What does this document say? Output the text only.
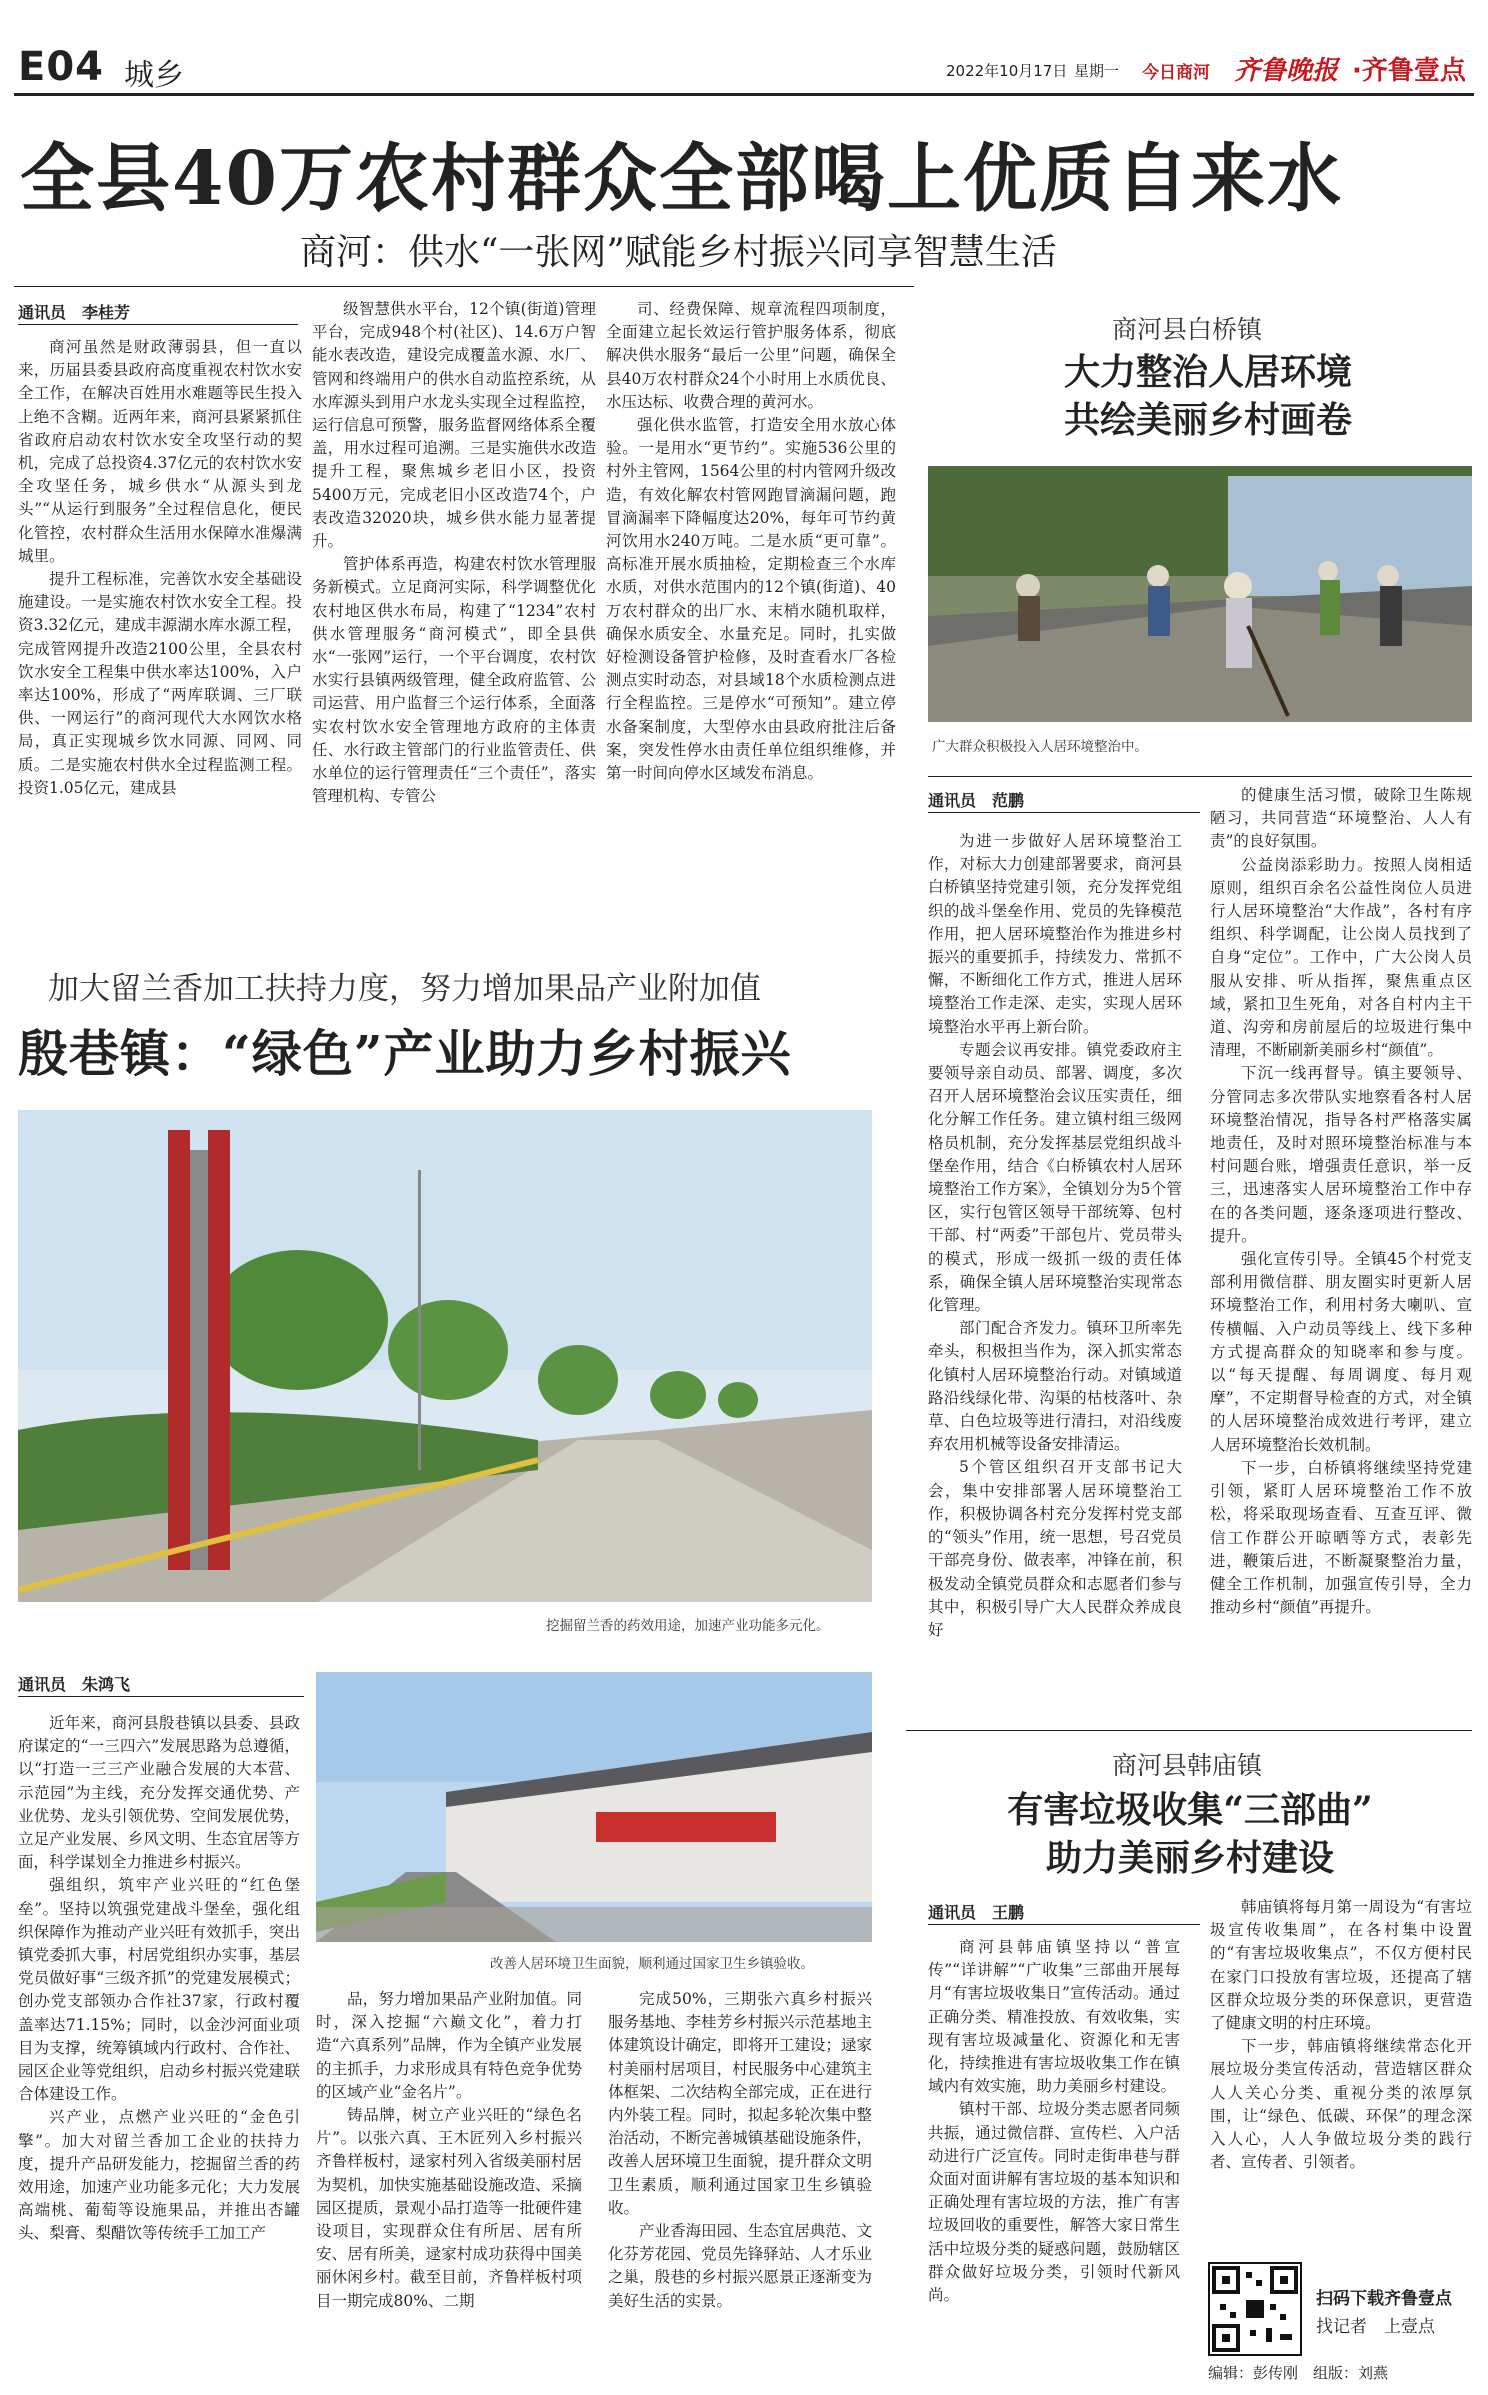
E04 城乡	2022年10月17日 星期一 今日商河 齐鲁晚报 ·齐鲁壹点
全县40万农村群众全部喝上优质自来水
商河：供水“一张网”赋能乡村振兴同享智慧生活
通讯员　李桂芳

商河虽然是财政薄弱县，但一直以来，历届县委县政府高度重视农村饮水安全工作，在解决百姓用水难题等民生投入上绝不含糊。近两年来，商河县紧紧抓住省政府启动农村饮水安全攻坚行动的契机，完成了总投资4.37亿元的农村饮水安全攻坚任务，城乡供水“从源头到龙头”“从运行到服务”全过程信息化，便民化管控，农村群众生活用水保障水准爆满城里。

提升工程标准，完善饮水安全基础设施建设。一是实施农村饮水安全工程。投资3.32亿元，建成丰源湖水库水源工程，完成管网提升改造2100公里，全县农村饮水安全工程集中供水率达100%，入户率达100%，形成了“两库联调、三厂联供、一网运行”的商河现代大水网饮水格局，真正实现城乡饮水同源、同网、同质。二是实施农村供水全过程监测工程。投资1.05亿元，建成县

级智慧供水平台，12个镇(街道)管理平台，完成948个村(社区)、14.6万户智能水表改造，建设完成覆盖水源、水厂、管网和终端用户的供水自动监控系统，从水库源头到用户水龙头实现全过程监控，运行信息可预警，服务监督网络体系全覆盖，用水过程可追溯。三是实施供水改造提升工程，聚焦城乡老旧小区，投资5400万元，完成老旧小区改造74个，户表改造32020块，城乡供水能力显著提升。

管护体系再造，构建农村饮水管理服务新模式。立足商河实际，科学调整优化农村地区供水布局，构建了“1234”农村供水管理服务“商河模式”，即全县供水“一张网”运行，一个平台调度，农村饮水实行县镇两级管理，健全政府监管、公司运营、用户监督三个运行体系，全面落实农村饮水安全管理地方政府的主体责任、水行政主管部门的行业监管责任、供水单位的运行管理责任“三个责任”，落实管理机构、专管公

司、经费保障、规章流程四项制度，全面建立起长效运行管护服务体系，彻底解决供水服务“最后一公里”问题，确保全县40万农村群众24个小时用上水质优良、水压达标、收费合理的黄河水。

强化供水监管，打造安全用水放心体验。一是用水“更节约”。实施536公里的村外主管网，1564公里的村内管网升级改造，有效化解农村管网跑冒滴漏问题，跑冒滴漏率下降幅度达20%，每年可节约黄河饮用水240万吨。二是水质“更可靠”。高标准开展水质抽检，定期检查三个水库水质，对供水范围内的12个镇(街道)、40万农村群众的出厂水、末梢水随机取样，确保水质安全、水量充足。同时，扎实做好检测设备管护检修，及时查看水厂各检测点实时动态，对县域18个水质检测点进行全程监控。三是停水“可预知”。建立停水备案制度，大型停水由县政府批注后备案，突发性停水由责任单位组织维修，并第一时间向停水区域发布消息。

商河县白桥镇
大力整治人居环境
共绘美丽乡村画卷
广大群众积极投入人居环境整治中。
通讯员　范鹏

为进一步做好人居环境整治工作，对标大力创建部署要求，商河县白桥镇坚持党建引领，充分发挥党组织的战斗堡垒作用、党员的先锋模范作用，把人居环境整治作为推进乡村振兴的重要抓手，持续发力、常抓不懈，不断细化工作方式，推进人居环境整治工作走深、走实，实现人居环境整治水平再上新台阶。

专题会议再安排。镇党委政府主要领导亲自动员、部署、调度，多次召开人居环境整治会议压实责任，细化分解工作任务。建立镇村组三级网格员机制，充分发挥基层党组织战斗堡垒作用，结合《白桥镇农村人居环境整治工作方案》，全镇划分为5个管区，实行包管区领导干部统筹、包村干部、村“两委”干部包片、党员带头的模式，形成一级抓一级的责任体系，确保全镇人居环境整治实现常态化管理。

部门配合齐发力。镇环卫所率先牵头，积极担当作为，深入抓实常态化镇村人居环境整治行动。对镇域道路沿线绿化带、沟渠的枯枝落叶、杂草、白色垃圾等进行清扫，对沿线废弃农用机械等设备安排清运。

5个管区组织召开支部书记大会，集中安排部署人居环境整治工作，积极协调各村充分发挥村党支部的“领头”作用，统一思想，号召党员干部亮身份、做表率，冲锋在前，积极发动全镇党员群众和志愿者们参与其中，积极引导广大人民群众养成良好

的健康生活习惯，破除卫生陈规陋习，共同营造“环境整治、人人有责”的良好氛围。

公益岗添彩助力。按照人岗相适原则，组织百余名公益性岗位人员进行人居环境整治“大作战”，各村有序组织、科学调配，让公岗人员找到了自身“定位”。工作中，广大公岗人员服从安排、听从指挥，聚焦重点区域，紧扣卫生死角，对各自村内主干道、沟旁和房前屋后的垃圾进行集中清理，不断刷新美丽乡村“颜值”。

下沉一线再督导。镇主要领导、分管同志多次带队实地察看各村人居环境整治情况，指导各村严格落实属地责任，及时对照环境整治标准与本村问题台账，增强责任意识，举一反三，迅速落实人居环境整治工作中存在的各类问题，逐条逐项进行整改、提升。

强化宣传引导。全镇45个村党支部利用微信群、朋友圈实时更新人居环境整治工作，利用村务大喇叭、宣传横幅、入户动员等线上、线下多种方式提高群众的知晓率和参与度。以“每天提醒、每周调度、每月观摩”，不定期督导检查的方式，对全镇的人居环境整治成效进行考评，建立人居环境整治长效机制。

下一步，白桥镇将继续坚持党建引领，紧盯人居环境整治工作不放松，将采取现场查看、互查互评、微信工作群公开晾晒等方式，表彰先进，鞭策后进，不断凝聚整治力量，健全工作机制，加强宣传引导，全力推动乡村“颜值”再提升。

加大留兰香加工扶持力度，努力增加果品产业附加值
殷巷镇：“绿色”产业助力乡村振兴
挖掘留兰香的药效用途，加速产业功能多元化。
通讯员　朱鸿飞

近年来，商河县殷巷镇以县委、县政府谋定的“一三四六”发展思路为总遵循，以“打造一三三产业融合发展的大本营、示范园”为主线，充分发挥交通优势、产业优势、龙头引领优势、空间发展优势，立足产业发展、乡风文明、生态宜居等方面，科学谋划全力推进乡村振兴。

强组织，筑牢产业兴旺的“红色堡垒”。坚持以筑强党建战斗堡垒，强化组织保障作为推动产业兴旺有效抓手，突出镇党委抓大事，村居党组织办实事，基层党员做好事“三级齐抓”的党建发展模式；创办党支部领办合作社37家，行政村覆盖率达71.15%；同时，以金沙河面业项目为支撑，统筹镇域内行政村、合作社、园区企业等党组织，启动乡村振兴党建联合体建设工作。

兴产业，点燃产业兴旺的“金色引擎”。加大对留兰香加工企业的扶持力度，提升产品研发能力，挖掘留兰香的药效用途，加速产业功能多元化；大力发展高端桃、葡萄等设施果品，并推出杏罐头、梨膏、梨醋饮等传统手工加工产

改善人居环境卫生面貌，顺利通过国家卫生乡镇验收。

品，努力增加果品产业附加值。同时，深入挖掘“六巅文化”，着力打造“六真系列”品牌，作为全镇产业发展的主抓手，力求形成具有特色竞争优势的区域产业“金名片”。

铸品牌，树立产业兴旺的“绿色名片”。以张六真、王木匠列入乡村振兴齐鲁样板村，逯家村列入省级美丽村居为契机，加快实施基础设施改造、采摘园区提质，景观小品打造等一批硬件建设项目，实现群众住有所居、居有所安、居有所美，逯家村成功获得中国美丽休闲乡村。截至目前，齐鲁样板村项目一期完成80%、二期

完成50%，三期张六真乡村振兴服务基地、李桂芳乡村振兴示范基地主体建筑设计确定，即将开工建设；逯家村美丽村居项目，村民服务中心建筑主体框架、二次结构全部完成，正在进行内外装工程。同时，拟起多轮次集中整治活动，不断完善城镇基础设施条件，改善人居环境卫生面貌，提升群众文明卫生素质，顺利通过国家卫生乡镇验收。

产业香海田园、生态宜居典范、文化芬芳花园、党员先锋驿站、人才乐业之巢，殷巷的乡村振兴愿景正逐渐变为美好生活的实景。

商河县韩庙镇
有害垃圾收集“三部曲”
助力美丽乡村建设
通讯员　王鹏

商河县韩庙镇坚持以“普宣传”“详讲解”“广收集”三部曲开展每月“有害垃圾收集日”宣传活动。通过正确分类、精准投放、有效收集，实现有害垃圾减量化、资源化和无害化，持续推进有害垃圾收集工作在镇域内有效实施，助力美丽乡村建设。

镇村干部、垃圾分类志愿者同频共振，通过微信群、宣传栏、入户活动进行广泛宣传。同时走街串巷与群众面对面讲解有害垃圾的基本知识和正确处理有害垃圾的方法，推广有害垃圾回收的重要性，解答大家日常生活中垃圾分类的疑惑问题，鼓励辖区群众做好垃圾分类，引领时代新风尚。

韩庙镇将每月第一周设为“有害垃圾宣传收集周”，在各村集中设置的“有害垃圾收集点”，不仅方便村民在家门口投放有害垃圾，还提高了辖区群众垃圾分类的环保意识，更营造了健康文明的村庄环境。

下一步，韩庙镇将继续常态化开展垃圾分类宣传活动，营造辖区群众人人关心分类、重视分类的浓厚氛围，让“绿色、低碳、环保”的理念深入人心，人人争做垃圾分类的践行者、宣传者、引领者。

扫码下载齐鲁壹点
找记者　上壹点
编辑：彭传刚　组版：刘燕
